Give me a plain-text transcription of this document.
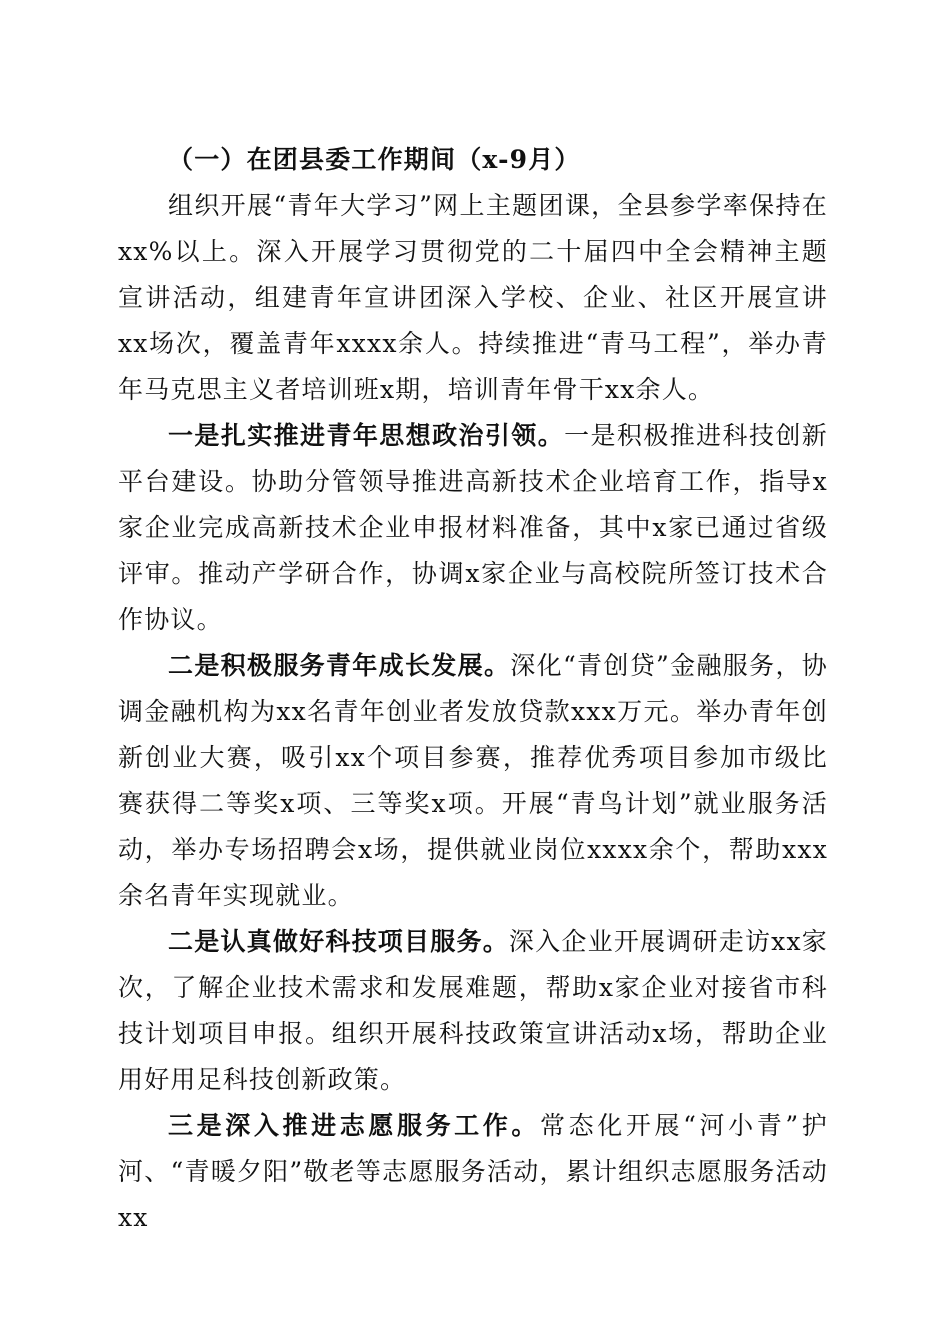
（一）在团县委工作期间（x-9月）

组织开展“青年大学习”网上主题团课，全县参学率保持在xx%以上。深入开展学习贯彻党的二十届四中全会精神主题宣讲活动，组建青年宣讲团深入学校、企业、社区开展宣讲xx场次，覆盖青年xxxx余人。持续推进“青马工程”，举办青年马克思主义者培训班x期，培训青年骨干xx余人。

一是扎实推进青年思想政治引领。一是积极推进科技创新平台建设。协助分管领导推进高新技术企业培育工作，指导x家企业完成高新技术企业申报材料准备，其中x家已通过省级评审。推动产学研合作，协调x家企业与高校院所签订技术合作协议。

二是积极服务青年成长发展。深化“青创贷”金融服务，协调金融机构为xx名青年创业者发放贷款xxx万元。举办青年创新创业大赛，吸引xx个项目参赛，推荐优秀项目参加市级比赛获得二等奖x项、三等奖x项。开展“青鸟计划”就业服务活动，举办专场招聘会x场，提供就业岗位xxxx余个，帮助xxx余名青年实现就业。

二是认真做好科技项目服务。深入企业开展调研走访xx家次，了解企业技术需求和发展难题，帮助x家企业对接省市科技计划项目申报。组织开展科技政策宣讲活动x场，帮助企业用好用足科技创新政策。

三是深入推进志愿服务工作。常态化开展“河小青”护河、“青暖夕阳”敬老等志愿服务活动，累计组织志愿服务活动xx
